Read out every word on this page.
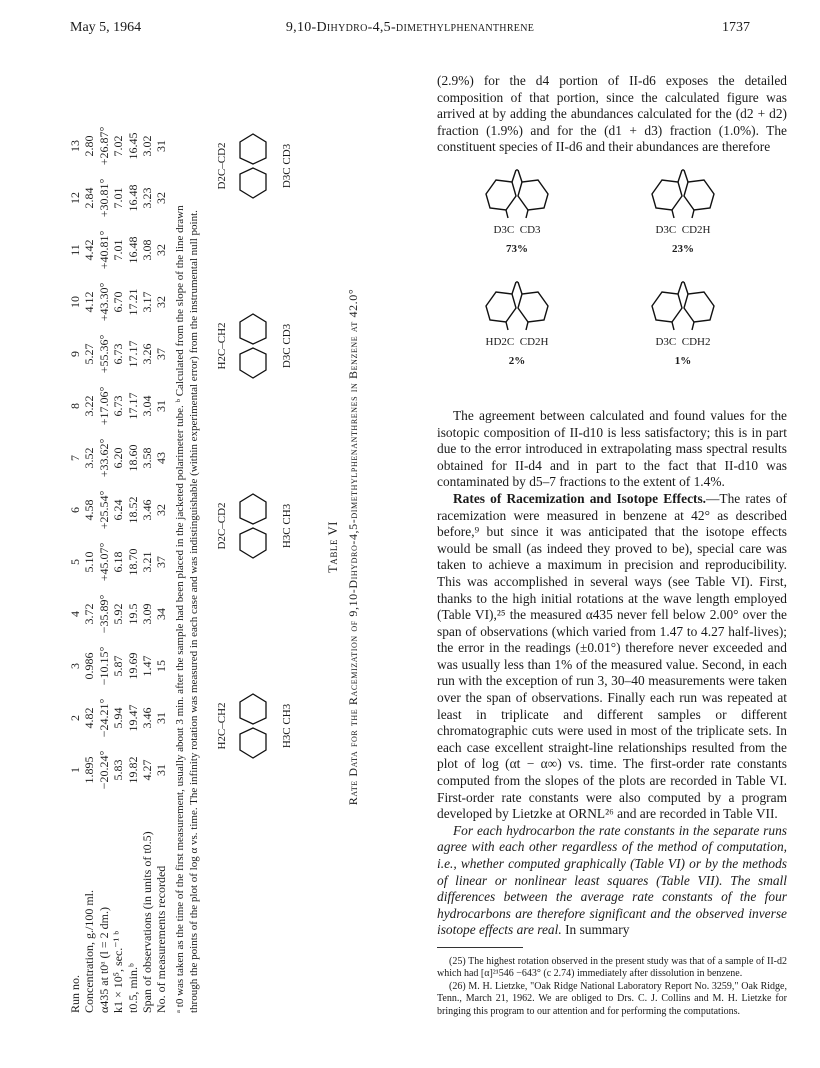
May 5, 1964	9,10-Dihydro-4,5-dimethylphenanthrene	1737
Run no. Concentration, g./100 ml. α435 at t0ᵃ (l = 2 dm.) k1 × 10⁵, sec.⁻¹ ᵇ t0.5, min.ᵇ Span of observations (in units of t0.5) No. of measurements recorded
1 1.895 −20.24° 5.83 19.82 4.27 31
2 4.82 −24.21° 5.94 19.47 3.46 31
3 0.986 −10.15° 5.87 19.69 1.47 15
4 3.72 −35.89° 5.92 19.5 3.09 34
5 5.10 +45.07° 6.18 18.70 3.21 37
6 4.58 +25.54° 6.24 18.52 3.46 32
7 3.52 +33.62° 6.20 18.60 3.58 43
8 3.22 +17.06° 6.73 17.17 3.04 31
9 5.27 +55.36° 6.73 17.17 3.26 37
10 4.12 +43.30° 6.70 17.21 3.17 32
11 4.42 +40.81° 7.01 16.48 3.08 32
12 2.84 +30.81° 7.01 16.48 3.23 32
13 2.80 +26.87° 7.02 16.45 3.02 31
Table VI Rate Data for the Racemization of 9,10-Dihydro-4,5-dimethylphenanthrenes in Benzene at 42.0°
H2C–CH2	H3C CH3
D2C–CD2	H3C CH3
H2C–CH2	D3C CD3
D2C–CD2	D3C CD3
ᵃ t0 was taken as the time of the first measurement, usually about 3 min. after the sample had been placed in the jacketed polarimeter tube. ᵇ Calculated from the slope of the line drawn through the points of the plot of log α vs. time. The infinity rotation was measured in each case and was indistinguishable (within experimental error) from the instrumental null point.

(2.9%) for the d4 portion of II-d6 exposes the detailed composition of that portion, since the calculated figure was arrived at by adding the abundances calculated for the (d2 + d2) fraction (1.9%) and for the (d1 + d3) fraction (1.0%). The constituent species of II-d6 and their abundances are therefore

D3C CD3
73%
D3C CD2H
23%
HD2C CD2H
2%
D3C CDH2
1%

The agreement between calculated and found values for the isotopic composition of II-d10 is less satisfactory; this is in part due to the error introduced in extrapolating mass spectral results obtained for II-d4 and in part to the fact that II-d10 was contaminated by d5–7 fractions to the extent of 1.4%.

Rates of Racemization and Isotope Effects.—The rates of racemization were measured in benzene at 42° as described before,⁹ but since it was anticipated that the isotope effects would be small (as indeed they proved to be), special care was taken to achieve a maximum in precision and reproducibility. This was accomplished in several ways (see Table VI). First, thanks to the high initial rotations at the wave length employed (Table VI),²⁵ the measured α435 never fell below 2.00° over the span of observations (which varied from 1.47 to 4.27 half-lives); the error in the readings (±0.01°) therefore never exceeded and was usually less than 1% of the measured value. Second, in each run with the exception of run 3, 30–40 measurements were taken over the span of observations. Finally each run was repeated at least in triplicate and different samples or different chromatographic cuts were used in most of the triplicate sets. In each case excellent straight-line relationships resulted from the plot of log (αt − α∞) vs. time. The first-order rate constants computed from the slopes of the plots are recorded in Table VI. First-order rate constants were also computed by a program developed by Lietzke at ORNL²⁶ and are recorded in Table VII.

For each hydrocarbon the rate constants in the separate runs agree with each other regardless of the method of computation, i.e., whether computed graphically (Table VI) or by the methods of linear or nonlinear least squares (Table VII). The small differences between the average rate constants of the four hydrocarbons are therefore significant and the observed inverse isotope effects are real. In summary

(25) The highest rotation observed in the present study was that of a sample of II-d2 which had [α]²¹546 −643° (c 2.74) immediately after dissolution in benzene.

(26) M. H. Lietzke, "Oak Ridge National Laboratory Report No. 3259," Oak Ridge, Tenn., March 21, 1962. We are obliged to Drs. C. J. Collins and M. H. Lietzke for bringing this program to our attention and for performing the computations.
